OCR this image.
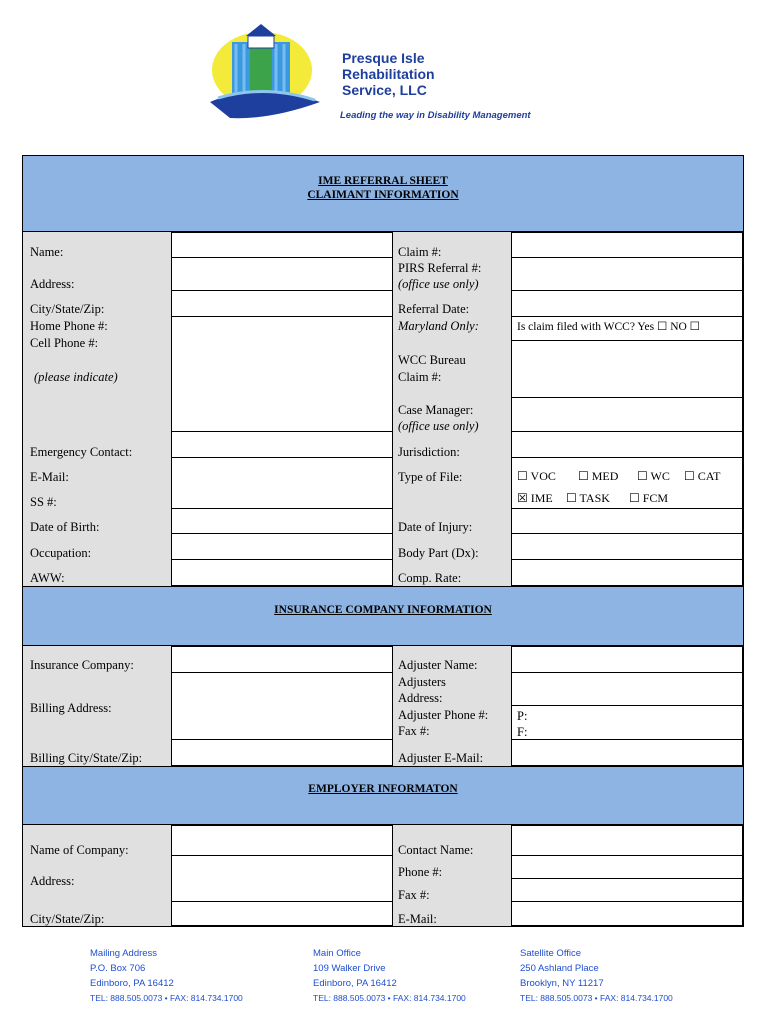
Presque Isle
Rehabilitation
Service, LLC
Leading the way in Disability Management
IME REFERRAL SHEET
CLAIMANT INFORMATION
Name:
Address:
City/State/Zip:
Home Phone #:
Cell Phone #:
(please indicate)
Emergency Contact:
E-Mail:
SS #:
Date of Birth:
Occupation:
AWW:
Claim #:
PIRS Referral #:
(office use only)
Referral Date:
Maryland Only:
WCC Bureau
Claim #:
Case Manager:
(office use only)
Jurisdiction:
Type of File:
Date of Injury:
Body Part (Dx):
Comp. Rate:
Is claim filed with WCC? Yes ☐ NO ☐
☐ VOC ☐ MED ☐ WC ☐ CAT
☒ IME ☐ TASK ☐ FCM
INSURANCE COMPANY INFORMATION
Insurance Company:
Billing Address:
Billing City/State/Zip:
Adjuster Name:
Adjusters
Address:
Adjuster Phone #:
Fax #:
Adjuster E-Mail:
P:
F:
EMPLOYER INFORMATON
Name of Company:
Address:
City/State/Zip:
Contact Name:
Phone #:
Fax #:
E-Mail:
Mailing Address
P.O. Box 706
Edinboro, PA 16412
TEL: 888.505.0073 • FAX: 814.734.1700
Main Office
109 Walker Drive
Edinboro, PA 16412
TEL: 888.505.0073 • FAX: 814.734.1700
Satellite Office
250 Ashland Place
Brooklyn, NY 11217
TEL: 888.505.0073 • FAX: 814.734.1700
